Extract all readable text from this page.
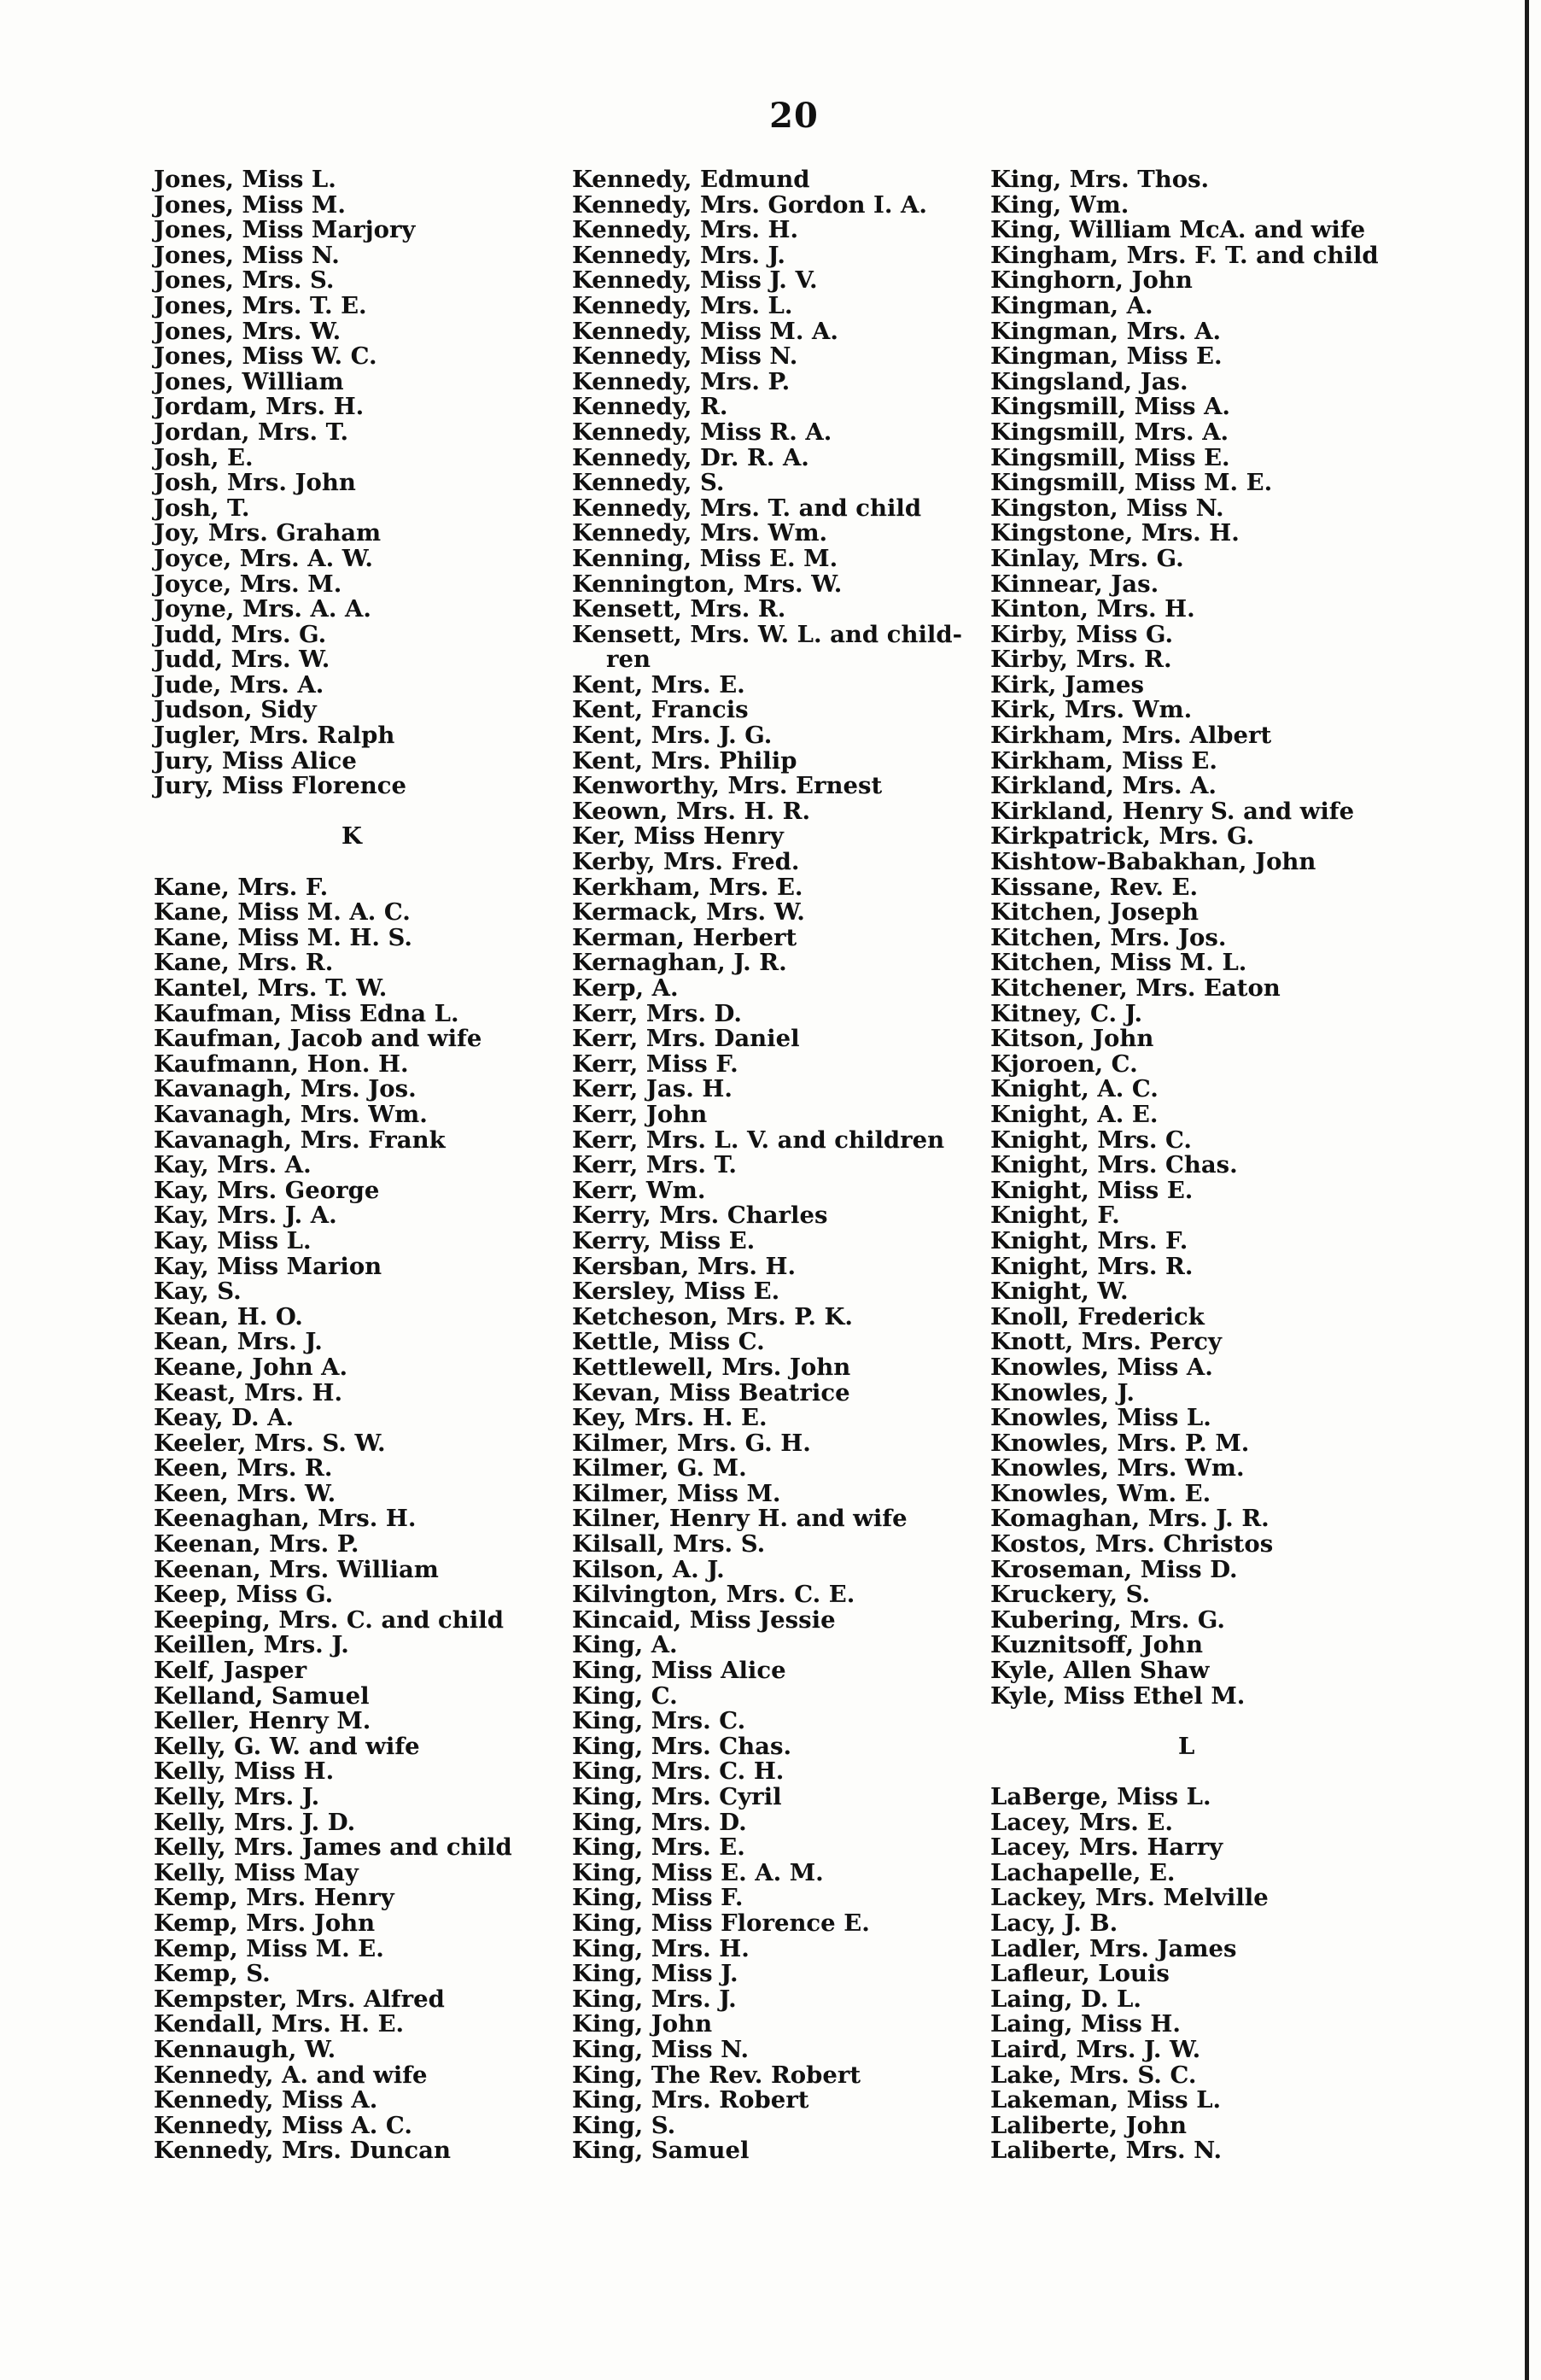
20
Jones, Miss L.
Jones, Miss M.
Jones, Miss Marjory
Jones, Miss N.
Jones, Mrs. S.
Jones, Mrs. T. E.
Jones, Mrs. W.
Jones, Miss W. C.
Jones, William
Jordam, Mrs. H.
Jordan, Mrs. T.
Josh, E.
Josh, Mrs. John
Josh, T.
Joy, Mrs. Graham
Joyce, Mrs. A. W.
Joyce, Mrs. M.
Joyne, Mrs. A. A.
Judd, Mrs. G.
Judd, Mrs. W.
Jude, Mrs. A.
Judson, Sidy
Jugler, Mrs. Ralph
Jury, Miss Alice
Jury, Miss Florence
K
Kane, Mrs. F.
Kane, Miss M. A. C.
Kane, Miss M. H. S.
Kane, Mrs. R.
Kantel, Mrs. T. W.
Kaufman, Miss Edna L.
Kaufman, Jacob and wife
Kaufmann, Hon. H.
Kavanagh, Mrs. Jos.
Kavanagh, Mrs. Wm.
Kavanagh, Mrs. Frank
Kay, Mrs. A.
Kay, Mrs. George
Kay, Mrs. J. A.
Kay, Miss L.
Kay, Miss Marion
Kay, S.
Kean, H. O.
Kean, Mrs. J.
Keane, John A.
Keast, Mrs. H.
Keay, D. A.
Keeler, Mrs. S. W.
Keen, Mrs. R.
Keen, Mrs. W.
Keenaghan, Mrs. H.
Keenan, Mrs. P.
Keenan, Mrs. William
Keep, Miss G.
Keeping, Mrs. C. and child
Keillen, Mrs. J.
Kelf, Jasper
Kelland, Samuel
Keller, Henry M.
Kelly, G. W. and wife
Kelly, Miss H.
Kelly, Mrs. J.
Kelly, Mrs. J. D.
Kelly, Mrs. James and child
Kelly, Miss May
Kemp, Mrs. Henry
Kemp, Mrs. John
Kemp, Miss M. E.
Kemp, S.
Kempster, Mrs. Alfred
Kendall, Mrs. H. E.
Kennaugh, W.
Kennedy, A. and wife
Kennedy, Miss A.
Kennedy, Miss A. C.
Kennedy, Mrs. Duncan
Kennedy, Edmund
Kennedy, Mrs. Gordon I. A.
Kennedy, Mrs. H.
Kennedy, Mrs. J.
Kennedy, Miss J. V.
Kennedy, Mrs. L.
Kennedy, Miss M. A.
Kennedy, Miss N.
Kennedy, Mrs. P.
Kennedy, R.
Kennedy, Miss R. A.
Kennedy, Dr. R. A.
Kennedy, S.
Kennedy, Mrs. T. and child
Kennedy, Mrs. Wm.
Kenning, Miss E. M.
Kennington, Mrs. W.
Kensett, Mrs. R.
Kensett, Mrs. W. L. and child-
ren
Kent, Mrs. E.
Kent, Francis
Kent, Mrs. J. G.
Kent, Mrs. Philip
Kenworthy, Mrs. Ernest
Keown, Mrs. H. R.
Ker, Miss Henry
Kerby, Mrs. Fred.
Kerkham, Mrs. E.
Kermack, Mrs. W.
Kerman, Herbert
Kernaghan, J. R.
Kerp, A.
Kerr, Mrs. D.
Kerr, Mrs. Daniel
Kerr, Miss F.
Kerr, Jas. H.
Kerr, John
Kerr, Mrs. L. V. and children
Kerr, Mrs. T.
Kerr, Wm.
Kerry, Mrs. Charles
Kerry, Miss E.
Kersban, Mrs. H.
Kersley, Miss E.
Ketcheson, Mrs. P. K.
Kettle, Miss C.
Kettlewell, Mrs. John
Kevan, Miss Beatrice
Key, Mrs. H. E.
Kilmer, Mrs. G. H.
Kilmer, G. M.
Kilmer, Miss M.
Kilner, Henry H. and wife
Kilsall, Mrs. S.
Kilson, A. J.
Kilvington, Mrs. C. E.
Kincaid, Miss Jessie
King, A.
King, Miss Alice
King, C.
King, Mrs. C.
King, Mrs. Chas.
King, Mrs. C. H.
King, Mrs. Cyril
King, Mrs. D.
King, Mrs. E.
King, Miss E. A. M.
King, Miss F.
King, Miss Florence E.
King, Mrs. H.
King, Miss J.
King, Mrs. J.
King, John
King, Miss N.
King, The Rev. Robert
King, Mrs. Robert
King, S.
King, Samuel
King, Mrs. Thos.
King, Wm.
King, William McA. and wife
Kingham, Mrs. F. T. and child
Kinghorn, John
Kingman, A.
Kingman, Mrs. A.
Kingman, Miss E.
Kingsland, Jas.
Kingsmill, Miss A.
Kingsmill, Mrs. A.
Kingsmill, Miss E.
Kingsmill, Miss M. E.
Kingston, Miss N.
Kingstone, Mrs. H.
Kinlay, Mrs. G.
Kinnear, Jas.
Kinton, Mrs. H.
Kirby, Miss G.
Kirby, Mrs. R.
Kirk, James
Kirk, Mrs. Wm.
Kirkham, Mrs. Albert
Kirkham, Miss E.
Kirkland, Mrs. A.
Kirkland, Henry S. and wife
Kirkpatrick, Mrs. G.
Kishtow-Babakhan, John
Kissane, Rev. E.
Kitchen, Joseph
Kitchen, Mrs. Jos.
Kitchen, Miss M. L.
Kitchener, Mrs. Eaton
Kitney, C. J.
Kitson, John
Kjoroen, C.
Knight, A. C.
Knight, A. E.
Knight, Mrs. C.
Knight, Mrs. Chas.
Knight, Miss E.
Knight, F.
Knight, Mrs. F.
Knight, Mrs. R.
Knight, W.
Knoll, Frederick
Knott, Mrs. Percy
Knowles, Miss A.
Knowles, J.
Knowles, Miss L.
Knowles, Mrs. P. M.
Knowles, Mrs. Wm.
Knowles, Wm. E.
Komaghan, Mrs. J. R.
Kostos, Mrs. Christos
Kroseman, Miss D.
Kruckery, S.
Kubering, Mrs. G.
Kuznitsoff, John
Kyle, Allen Shaw
Kyle, Miss Ethel M.
L
LaBerge, Miss L.
Lacey, Mrs. E.
Lacey, Mrs. Harry
Lachapelle, E.
Lackey, Mrs. Melville
Lacy, J. B.
Ladler, Mrs. James
Lafleur, Louis
Laing, D. L.
Laing, Miss H.
Laird, Mrs. J. W.
Lake, Mrs. S. C.
Lakeman, Miss L.
Laliberte, John
Laliberte, Mrs. N.
